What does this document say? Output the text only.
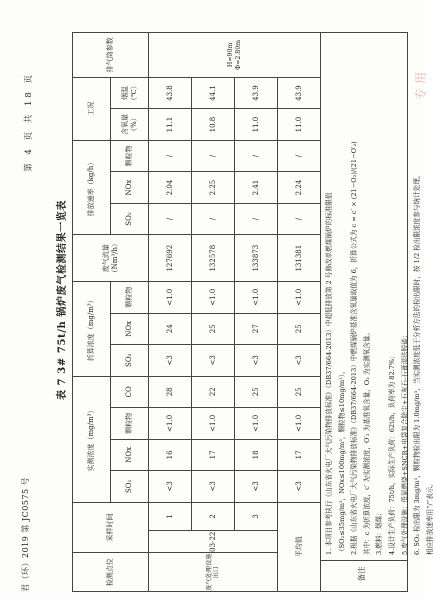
君（环）2019 第 JC0575 号
第 4 页 共 18 页
表 7 3# 75t/h 锅炉废气检测结果一览表
检测点位	采样时间		实测浓度（mg/m³）				折算浓度（mg/m³）			废气流量（Nm³/h）	排放速率（kg/h）			工况		排气筒参数
			SO₂	NOx	颗粒物	CO	SO₂	NOx	颗粒物		SO₂	NOx	颗粒物	含氧量（%）	烟温（℃）	
废气处理设施出口	03-22	1	<3	16	<1.0	28	<3	24	<1.0	127692	/	2.04	/	11.1	43.8	H=90m Φ=2.80m
		2	<3	17	<1.0	22	<3	25	<1.0	132578	/	2.25	/	10.8	44.1	
		3	<3	18	<1.0	25	<3	27	<1.0	133873	/	2.41	/	11.0	43.9	
平均值			<3	17	<1.0	25	<3	25	<1.0	131381	/	2.24	/	11.0	43.9	
备注
1. 本项目参考执行《山东省火电厂大气污染物排放标准》（DB37/664-2013）中超低排放第 2 号修改单燃煤锅炉的标准限值 （SO₂≤35mg/m³，NOx≤100mg/m³，颗粒物≤10mg/m³）。 2.根据《山东省火电厂大气污染物排放标准》（DB37/664-2013）中燃煤锅炉基准含氧量取值为 6，折算公式为 c = c′ × (21−O₂)/(21−O′₂) 其中：c 为折算浓度，c′ 为实测浓度，O′₂ 为基准氧含量，O₂ 为实测氧含量。 3.燃料：烟煤； 4.设计生产负荷：75t/h，实际生产负荷：62t/h，负荷率为 82.7%； 5.废气处理设施：低氮燃烧+SNCR+电袋复合除尘+石灰石-石膏湿法脱硫； 6. SO₂ 检出限为 3mg/m³，颗粒物检出限为 1.0mg/m³，当实测浓度低于分析方法的检出限时，按 1/2 检出限浓度参与统计处理， 相应排放速率用“/”表示。
专用
